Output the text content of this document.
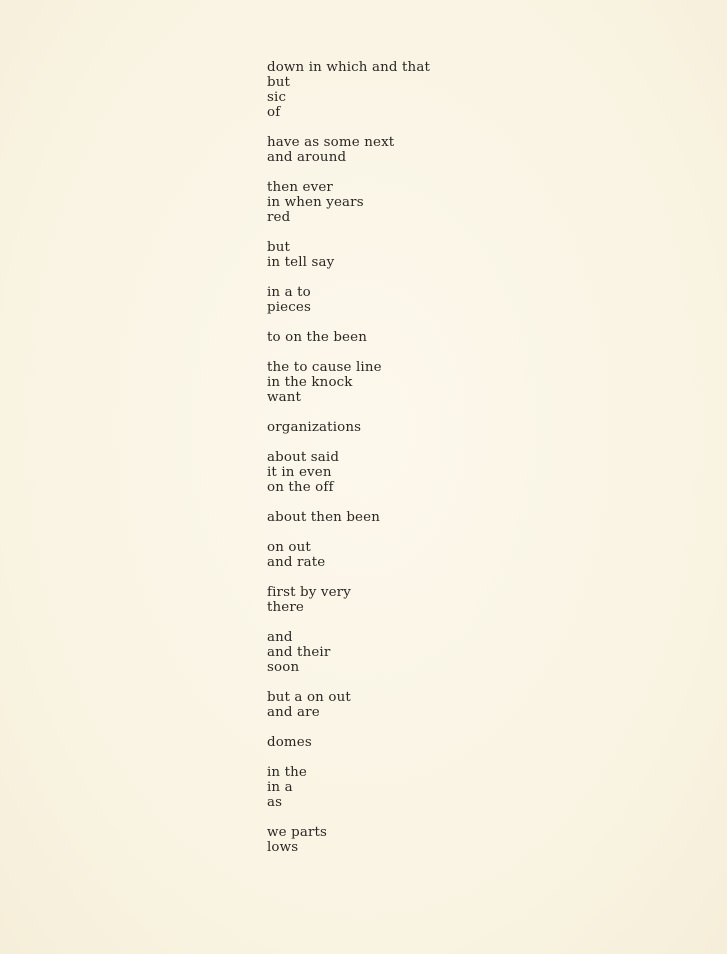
down in which and that
but
sic
of
have as some next
and around
then ever
in when years
red
but
in tell say
in a to
pieces
to on the been
the to cause line
in the knock
want
organizations
about said
it in even
on the off
about then been
on out
and rate
first by very
there
and
and their
soon
but a on out
and are
domes
in the
in a
as
we parts
lows
